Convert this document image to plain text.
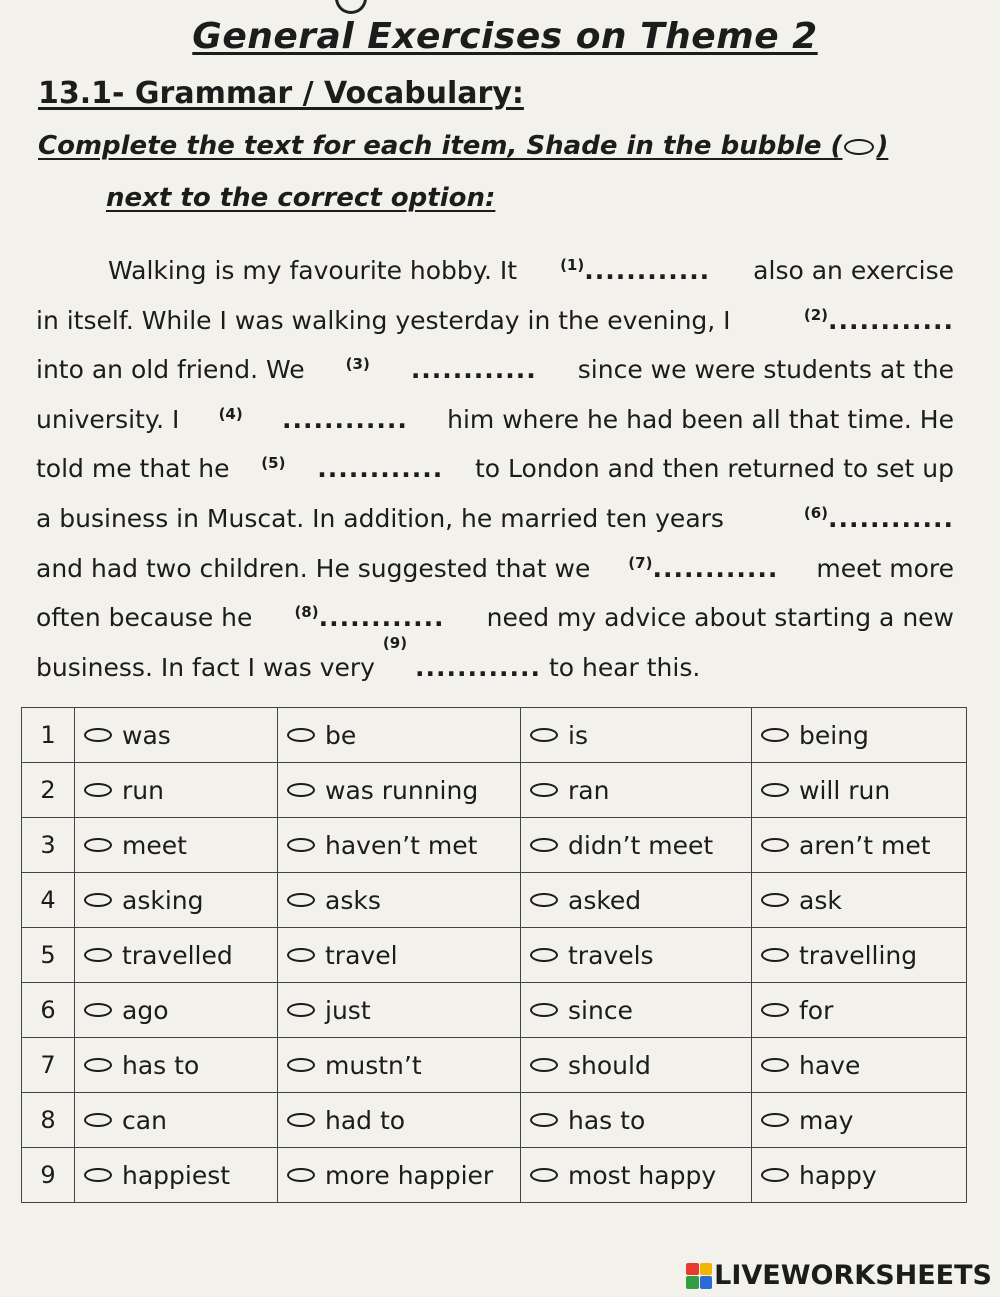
General Exercises on Theme 2
13.1- Grammar / Vocabulary:
Complete the text for each item, Shade in the bubble ( )
next to the correct option:
Walking is my favourite hobby. It	$^{(1)}$............ also an exercise
in itself. While I was walking yesterday in the evening, I	$^{(2)}$............
into an old friend. We	$^{(3)}$ ............ since we were students at the
university. I	$^{(4)}$ ............ him where he had been all that time. He
told me that he $^{(5)}$ ............ to London and then returned to set up
a business in Muscat. In addition, he married ten years	$^{(6)}$............
and had two children. He suggested that we	$^{(7)}$............ meet more
often because he	$^{(8)}$............ need my advice about starting a new
business. In fact I was very

(9)

............
to hear this.
1	was	be	is	being

2	run	was running	ran	will run

3	meet	haven’t met	didn’t meet	aren’t met

4	asking	asks	asked	ask

5	travelled	travel	travels	travelling

6	ago	just	since	for

7	has to	mustn’t	should	have

8	can	had to	has to	may

9	happiest	more happier	most happy	happy
LIVEWORKSHEETS
